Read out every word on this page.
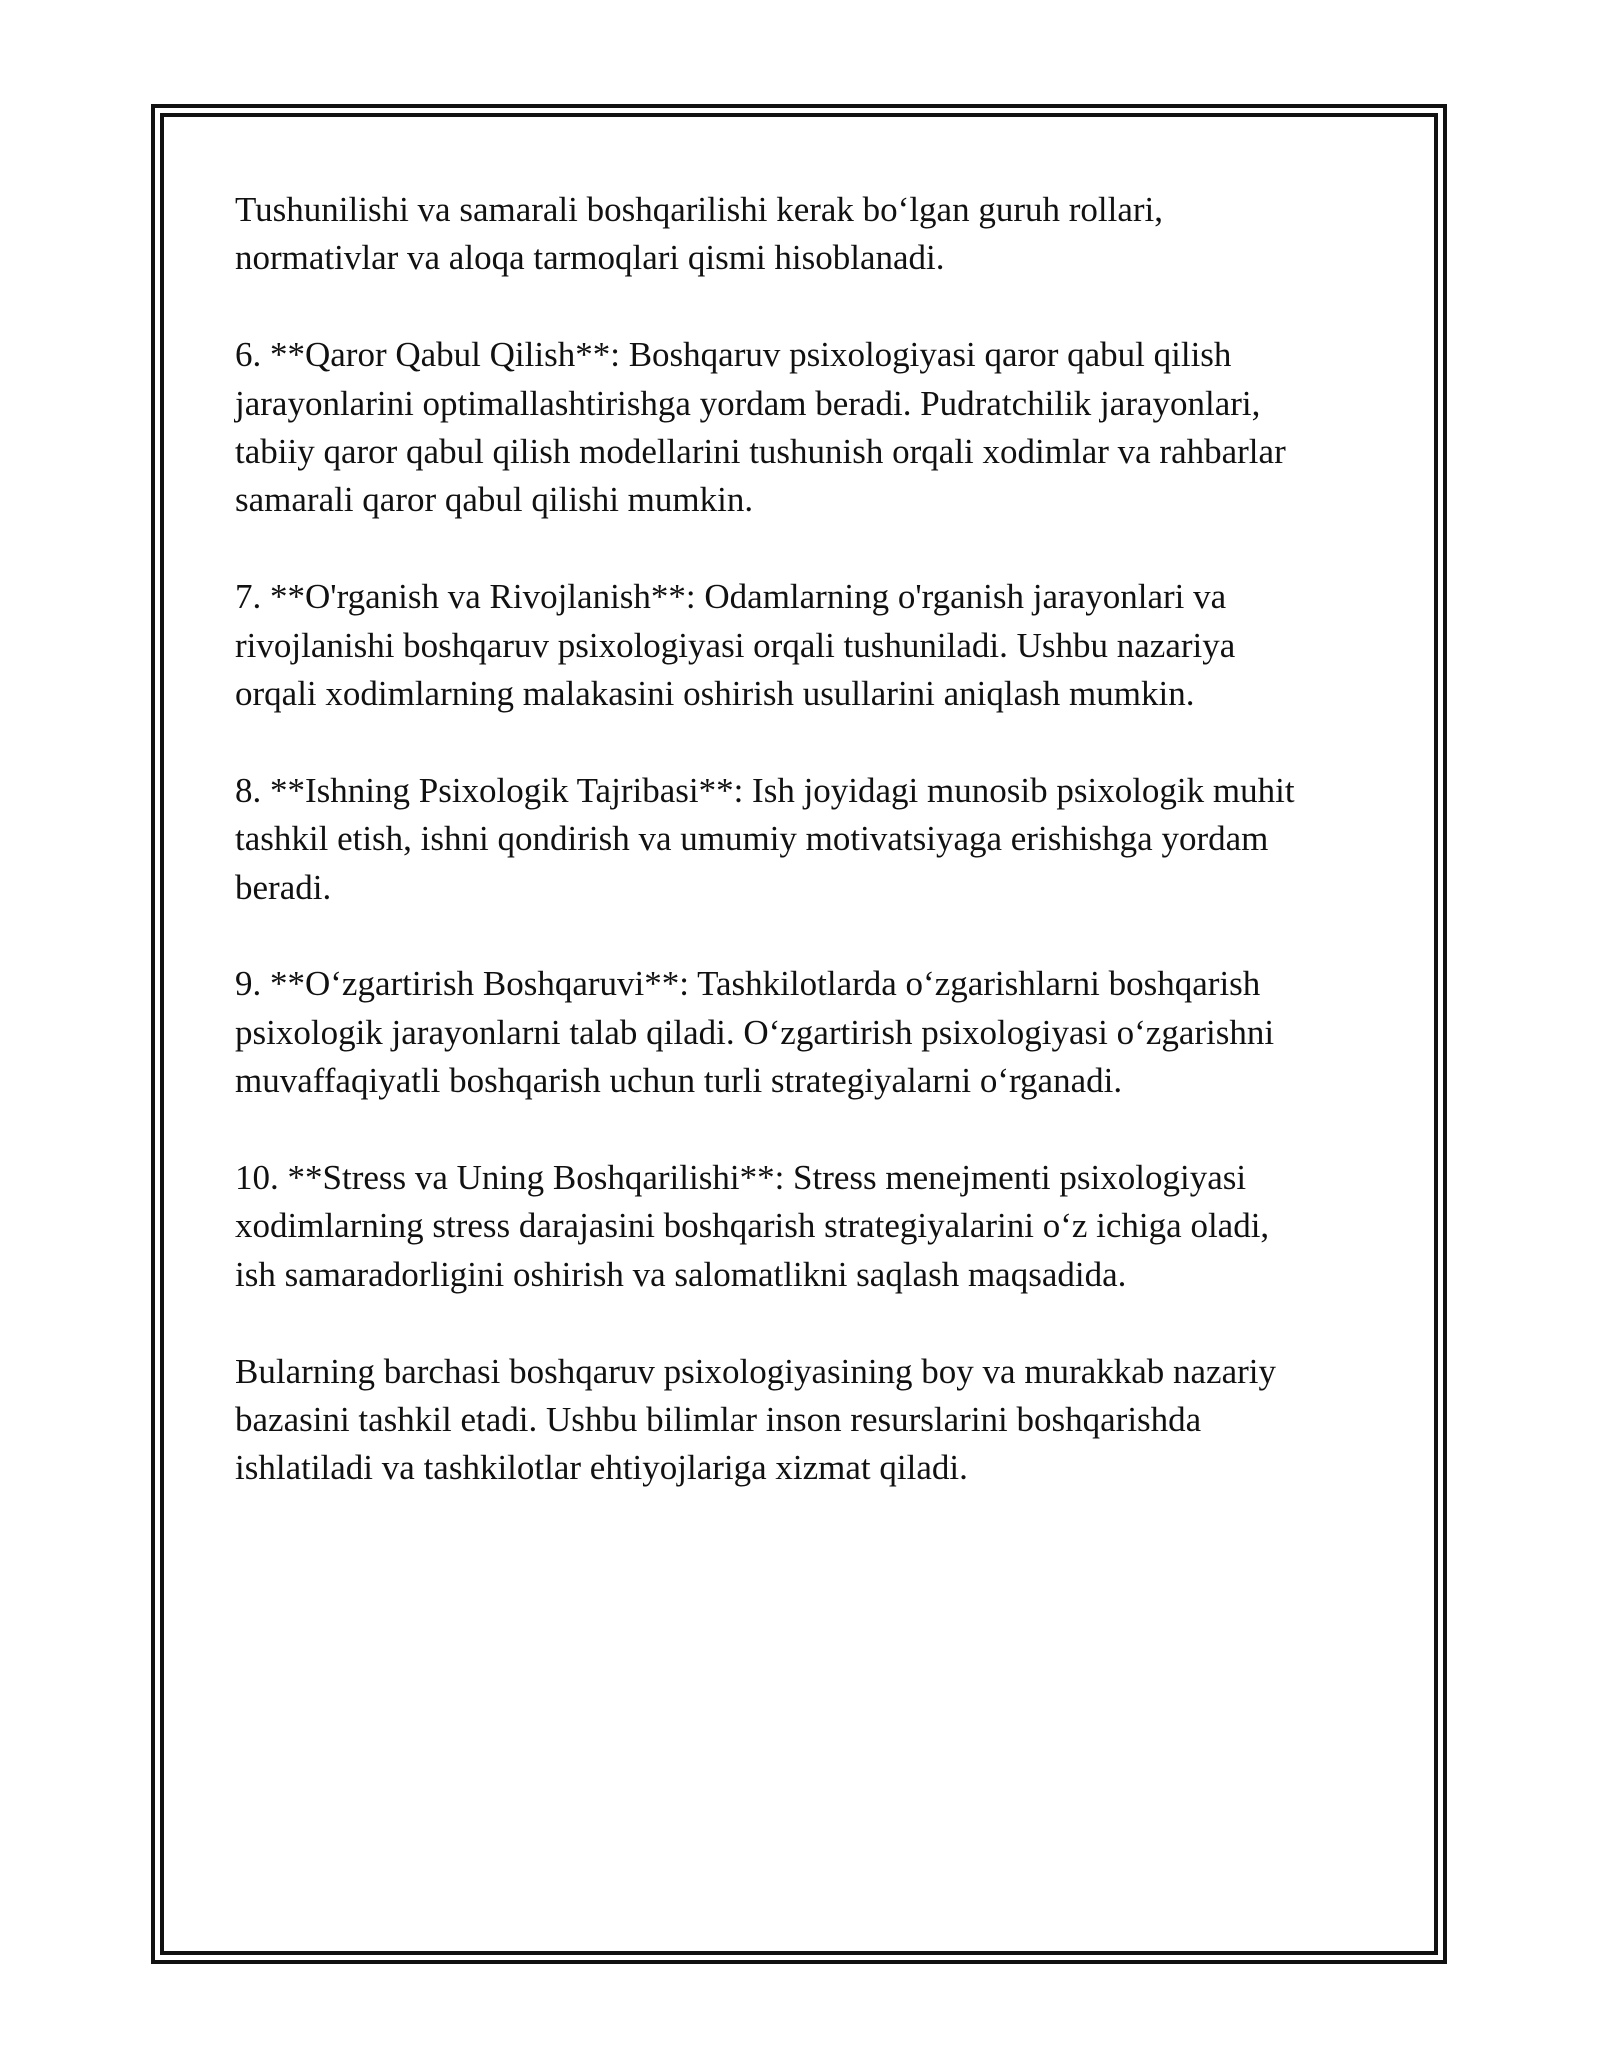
Tushunilishi va samarali boshqarilishi kerak bo‘lgan guruh rollari,
normativlar va aloqa tarmoqlari qismi hisoblanadi.

6. **Qaror Qabul Qilish**: Boshqaruv psixologiyasi qaror qabul qilish
jarayonlarini optimallashtirishga yordam beradi. Pudratchilik jarayonlari,
tabiiy qaror qabul qilish modellarini tushunish orqali xodimlar va rahbarlar
samarali qaror qabul qilishi mumkin.

7. **O'rganish va Rivojlanish**: Odamlarning o'rganish jarayonlari va
rivojlanishi boshqaruv psixologiyasi orqali tushuniladi. Ushbu nazariya
orqali xodimlarning malakasini oshirish usullarini aniqlash mumkin.

8. **Ishning Psixologik Tajribasi**: Ish joyidagi munosib psixologik muhit
tashkil etish, ishni qondirish va umumiy motivatsiyaga erishishga yordam
beradi.

9. **O‘zgartirish Boshqaruvi**: Tashkilotlarda o‘zgarishlarni boshqarish
psixologik jarayonlarni talab qiladi. O‘zgartirish psixologiyasi o‘zgarishni
muvaffaqiyatli boshqarish uchun turli strategiyalarni o‘rganadi.

10. **Stress va Uning Boshqarilishi**: Stress menejmenti psixologiyasi
xodimlarning stress darajasini boshqarish strategiyalarini o‘z ichiga oladi,
ish samaradorligini oshirish va salomatlikni saqlash maqsadida.

Bularning barchasi boshqaruv psixologiyasining boy va murakkab nazariy
bazasini tashkil etadi. Ushbu bilimlar inson resurslarini boshqarishda
ishlatiladi va tashkilotlar ehtiyojlariga xizmat qiladi.
